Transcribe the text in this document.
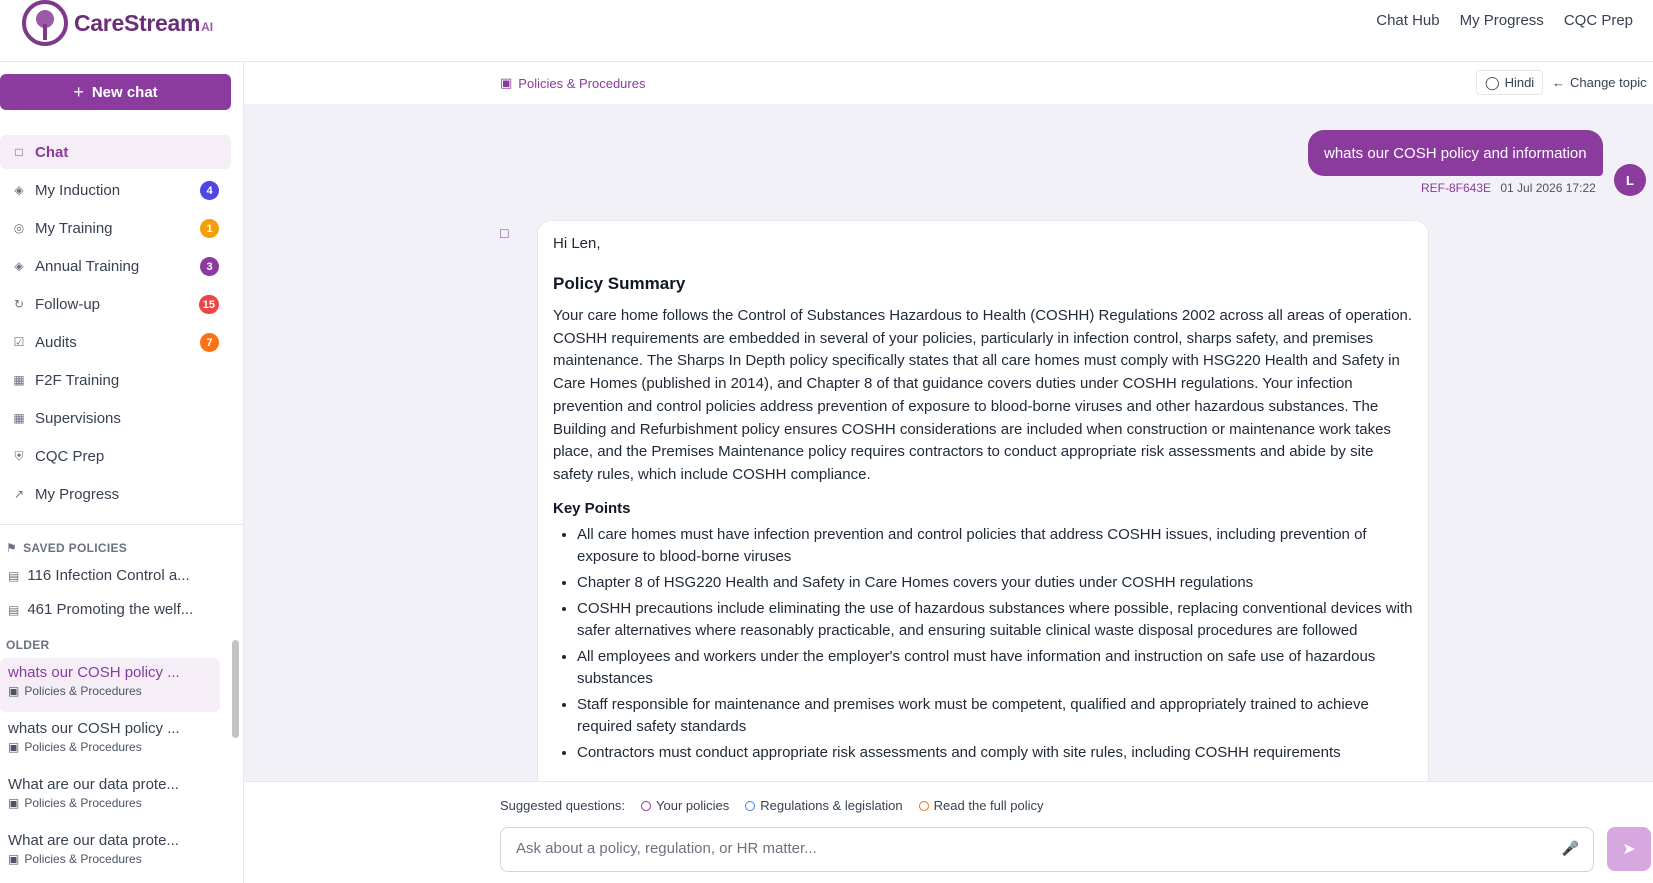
CareStream AI	Chat Hub My Progress CQC Prep
+ New chat
□ Chat
◈ My Induction	4
◎ My Training	1
◈ Annual Training	3
↻ Follow-up	15
☑ Audits	7
▦ F2F Training
▦ Supervisions
⛨ CQC Prep
↗ My Progress
⚑ SAVED POLICIES
▤ 116 Infection Control a...
▤ 461 Promoting the welf...
OLDER
whats our COSH policy ...
▣ Policies & Procedures
whats our COSH policy ...
▣ Policies & Procedures
What are our data prote...
▣ Policies & Procedures
What are our data prote...
▣ Policies & Procedures
▣ Policies & Procedures	◯ Hindi ← Change topic
whats our COSH policy and information
REF-8F643E 01 Jul 2026 17:22
L
□
Hi Len,
Policy Summary

Your care home follows the Control of Substances Hazardous to Health (COSHH) Regulations 2002 across all areas of operation. COSHH requirements are embedded in several of your policies, particularly in infection control, sharps safety, and premises maintenance. The Sharps In Depth policy specifically states that all care homes must comply with HSG220 Health and Safety in Care Homes (published in 2014), and Chapter 8 of that guidance covers duties under COSHH regulations. Your infection prevention and control policies address prevention of exposure to blood-borne viruses and other hazardous substances. The Building and Refurbishment policy ensures COSHH considerations are included when construction or maintenance work takes place, and the Premises Maintenance policy requires contractors to conduct appropriate risk assessments and abide by site safety rules, which include COSHH compliance.

Key Points
• All care homes must have infection prevention and control policies that address COSHH issues, including prevention of exposure to blood-borne viruses
• Chapter 8 of HSG220 Health and Safety in Care Homes covers your duties under COSHH regulations
• COSHH precautions include eliminating the use of hazardous substances where possible, replacing conventional devices with safer alternatives where reasonably practicable, and ensuring suitable clinical waste disposal procedures are followed
• All employees and workers under the employer's control must have information and instruction on safe use of hazardous substances
• Staff responsible for maintenance and premises work must be competent, qualified and appropriately trained to achieve required safety standards
• Contractors must conduct appropriate risk assessments and comply with site rules, including COSHH requirements
Suggested questions: Your policies Regulations & legislation Read the full policy
Ask about a policy, regulation, or HR matter...
🎤	➤
